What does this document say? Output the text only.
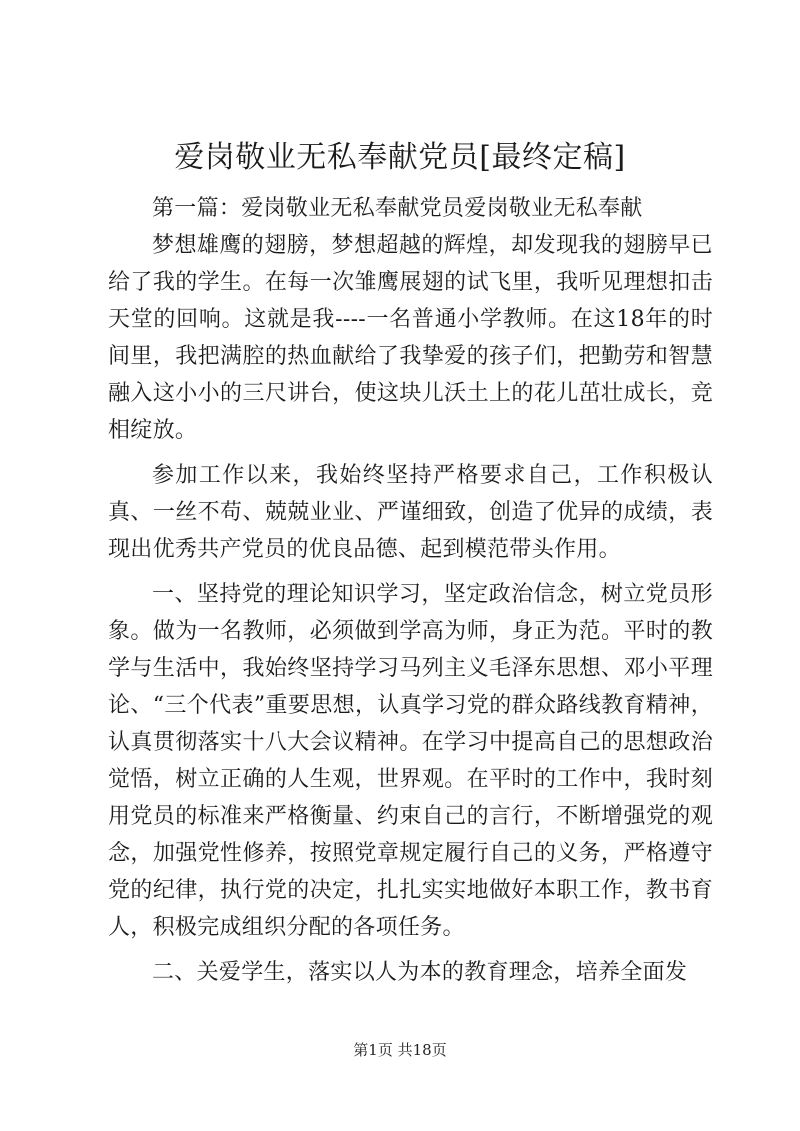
爱岗敬业无私奉献党员[最终定稿]

第一篇：爱岗敬业无私奉献党员爱岗敬业无私奉献

梦想雄鹰的翅膀，梦想超越的辉煌，却发现我的翅膀早已给了我的学生。在每一次雏鹰展翅的试飞里，我听见理想扣击天堂的回响。这就是我----一名普通小学教师。在这18年的时间里，我把满腔的热血献给了我挚爱的孩子们，把勤劳和智慧融入这小小的三尺讲台，使这块儿沃土上的花儿茁壮成长，竞相绽放。

参加工作以来，我始终坚持严格要求自己，工作积极认真、一丝不苟、兢兢业业、严谨细致，创造了优异的成绩，表现出优秀共产党员的优良品德、起到模范带头作用。

一、坚持党的理论知识学习，坚定政治信念，树立党员形象。做为一名教师，必须做到学高为师，身正为范。平时的教学与生活中，我始终坚持学习马列主义毛泽东思想、邓小平理论、“三个代表”重要思想，认真学习党的群众路线教育精神，认真贯彻落实十八大会议精神。在学习中提高自己的思想政治觉悟，树立正确的人生观，世界观。在平时的工作中，我时刻用党员的标准来严格衡量、约束自己的言行，不断增强党的观念，加强党性修养，按照党章规定履行自己的义务，严格遵守党的纪律，执行党的决定，扎扎实实地做好本职工作，教书育人，积极完成组织分配的各项任务。

二、关爱学生，落实以人为本的教育理念，培养全面发

第1页 共18页
